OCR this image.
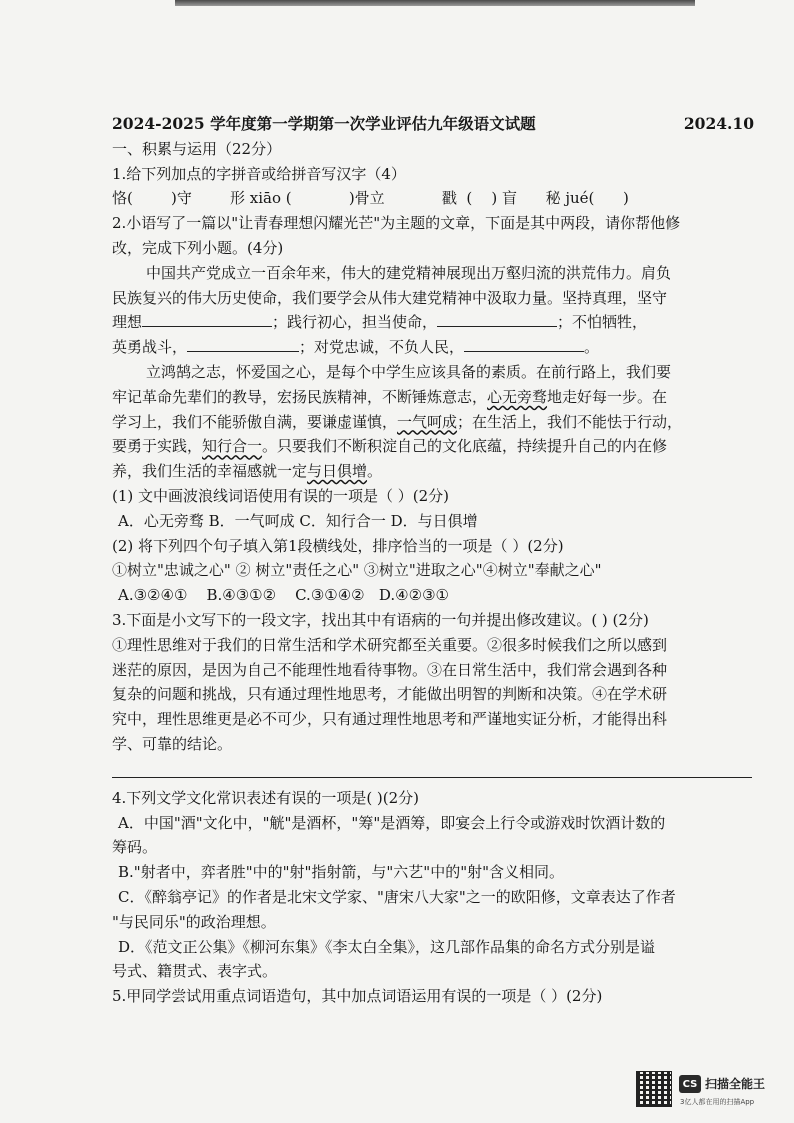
2024-2025 学年度第一学期第一次学业评估九年级语文试题	2024.10
一、积累与运用（22分）
1.给下列加点的字拼音或给拼音写汉字（4）
恪(        )守        形 xiāo (            )骨立            戳  (    ) 盲      秘 jué(      )
2.小语写了一篇以"让青春理想闪耀光芒"为主题的文章，下面是其中两段，请你帮他修
改，完成下列小题。(4分)
中国共产党成立一百余年来，伟大的建党精神展现出万壑归流的洪荒伟力。肩负
民族复兴的伟大历史使命，我们要学会从伟大建党精神中汲取力量。坚持真理，坚守
理想	；践行初心，担当使命，	；不怕牺牲，
英勇战斗，	；对党忠诚，不负人民，	。
立鸿鹄之志，怀爱国之心，是每个中学生应该具备的素质。在前行路上，我们要
牢记革命先辈们的教导，宏扬民族精神，不断锤炼意志，心无旁骛地走好每一步。在
学习上，我们不能骄傲自满，要谦虚谨慎，一气呵成；在生活上，我们不能怯于行动，
要勇于实践，知行合一。只要我们不断积淀自己的文化底蕴，持续提升自己的内在修
养，我们生活的幸福感就一定与日俱增。
(1) 文中画波浪线词语使用有误的一项是（ ）(2分)
A．心无旁骛 B．一气呵成 C．知行合一 D．与日俱增
(2) 将下列四个句子填入第1段横线处，排序恰当的一项是（ ）(2分)
①树立"忠诚之心" ② 树立"责任之心" ③树立"进取之心"④树立"奉献之心"
A.③②④①    B.④③①②    C.③①④②   D.④②③①
3.下面是小文写下的一段文字，找出其中有语病的一句并提出修改建议。( ) (2分)
①理性思维对于我们的日常生活和学术研究都至关重要。②很多时候我们之所以感到
迷茫的原因，是因为自己不能理性地看待事物。③在日常生活中，我们常会遇到各种
复杂的问题和挑战，只有通过理性地思考，才能做出明智的判断和决策。④在学术研
究中，理性思维更是必不可少，只有通过理性地思考和严谨地实证分析，才能得出科
学、可靠的结论。
4.下列文学文化常识表述有误的一项是( )(2分)
A．中国"酒"文化中，"觥"是酒杯，"筹"是酒筹，即宴会上行令或游戏时饮酒计数的
筹码。
B."射者中，弈者胜"中的"射"指射箭，与"六艺"中的"射"含义相同。
C．《醉翁亭记》的作者是北宋文学家、"唐宋八大家"之一的欧阳修，文章表达了作者
"与民同乐"的政治理想。
D．《范文正公集》《柳河东集》《李太白全集》，这几部作品集的命名方式分别是谥
号式、籍贯式、表字式。
5.甲同学尝试用重点词语造句，其中加点词语运用有误的一项是（ ）(2分)
CS 扫描全能王
3亿人都在用的扫描App
